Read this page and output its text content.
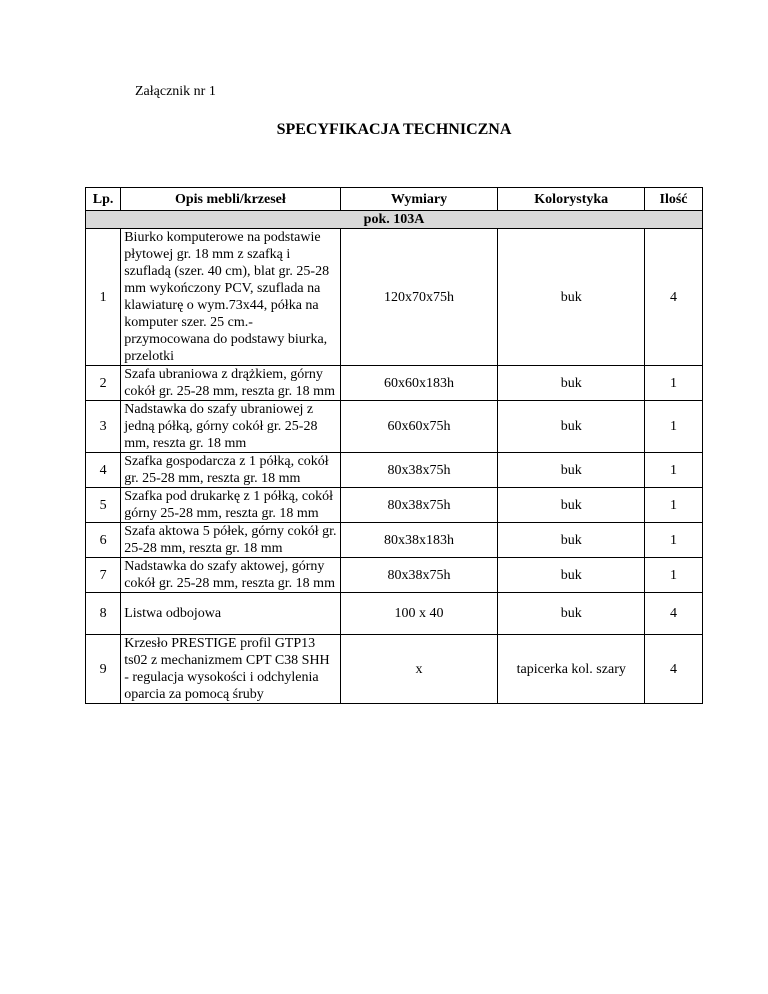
Załącznik nr 1
SPECYFIKACJA TECHNICZNA
Lp.	Opis mebli/krzeseł	Wymiary	Kolorystyka	Ilość
pok. 103A				
1	Biurko komputerowe na podstawie płytowej gr. 18 mm z szafką i szufladą (szer. 40 cm), blat gr. 25-28 mm wykończony PCV, szuflada na klawiaturę o wym.73x44, półka na komputer szer. 25 cm.- przymocowana do podstawy biurka, przelotki	120x70x75h	buk	4
2	Szafa ubraniowa z drążkiem, górny cokół gr. 25-28 mm, reszta gr. 18 mm	60x60x183h	buk	1
3	Nadstawka do szafy ubraniowej z jedną półką, górny cokół gr. 25-28 mm, reszta gr. 18 mm	60x60x75h	buk	1
4	Szafka gospodarcza z 1 półką, cokół gr. 25-28 mm, reszta gr. 18 mm	80x38x75h	buk	1
5	Szafka pod drukarkę z 1 półką, cokół górny 25-28 mm, reszta gr. 18 mm	80x38x75h	buk	1
6	Szafa aktowa 5 półek, górny cokół gr. 25-28 mm, reszta gr. 18 mm	80x38x183h	buk	1
7	Nadstawka do szafy aktowej, górny cokół gr. 25-28 mm, reszta gr. 18 mm	80x38x75h	buk	1
8	Listwa odbojowa	100 x 40	buk	4
9	Krzesło PRESTIGE profil GTP13 ts02 z mechanizmem CPT C38 SHH - regulacja wysokości i odchylenia oparcia za pomocą śruby	x	tapicerka kol. szary	4
